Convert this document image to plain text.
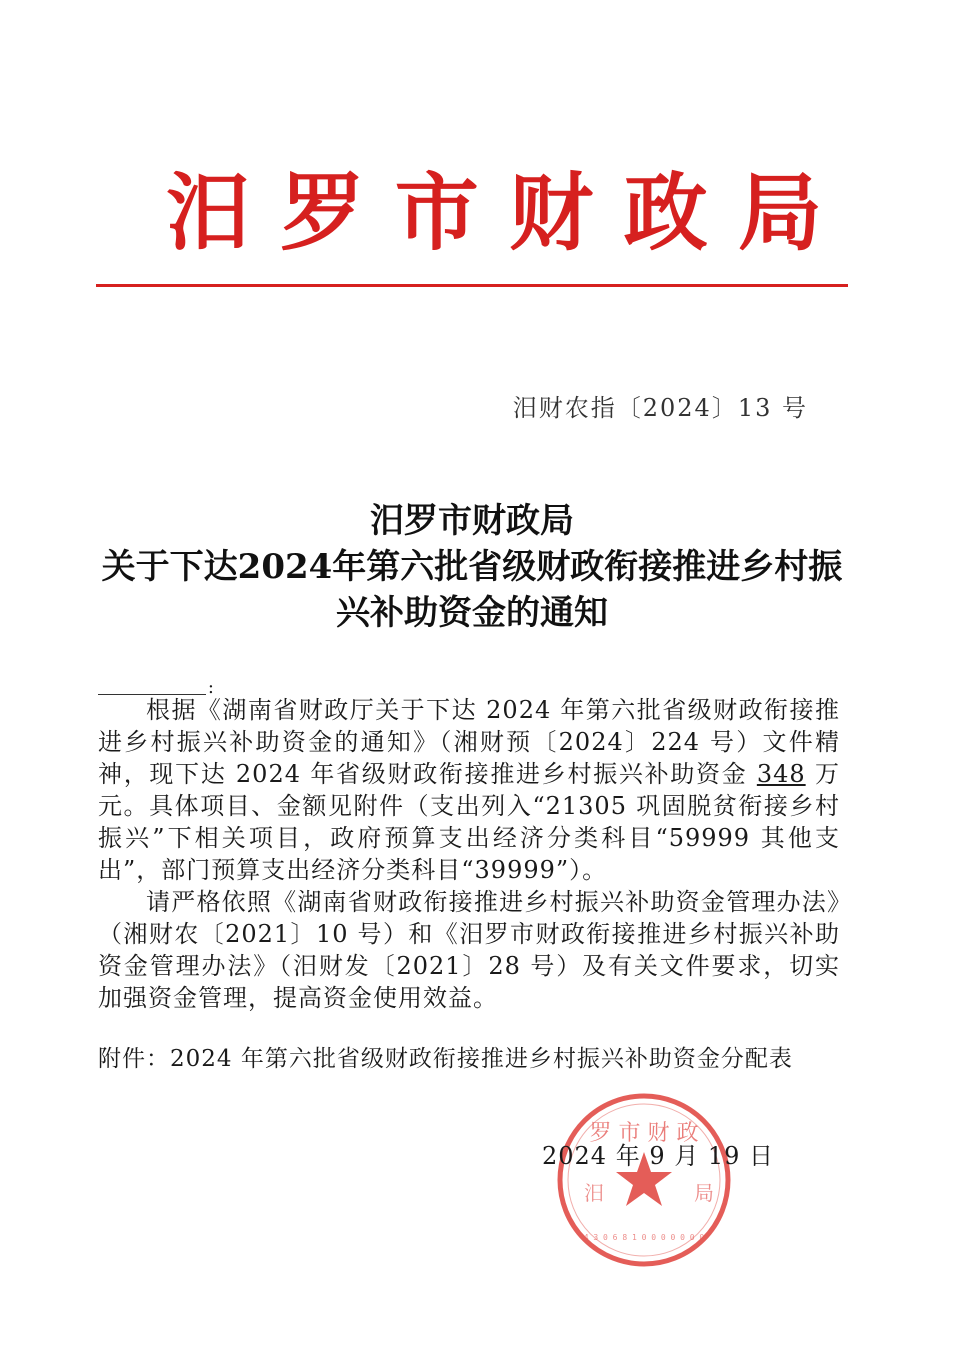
汨 罗 市 财 政 局
汨财农指〔2024〕13 号
汨罗市财政局
关于下达2024年第六批省级财政衔接推进乡村振
兴补助资金的通知
:

根据《湖南省财政厅关于下达 2024 年第六批省级财政衔接推进乡村振兴补助资金的通知》（湘财预〔2024〕224 号）文件精神，现下达 2024 年省级财政衔接推进乡村振兴补助资金 348 万元。具体项目、金额见附件（支出列入“21305 巩固脱贫衔接乡村振兴”下相关项目，政府预算支出经济分类科目“59999 其他支出”，部门预算支出经济分类科目“39999”）。

请严格依照《湖南省财政衔接推进乡村振兴补助资金管理办法》（湘财农〔2021〕10 号）和《汨罗市财政衔接推进乡村振兴补助资金管理办法》（汨财发〔2021〕28 号）及有关文件要求，切实加强资金管理，提高资金使用效益。

附件：2024 年第六批省级财政衔接推进乡村振兴补助资金分配表
2024 年 9 月 19 日
罗 市 财 政
汨	局
4 3 0 6 8 1 0 0 0 0 0 0 0
